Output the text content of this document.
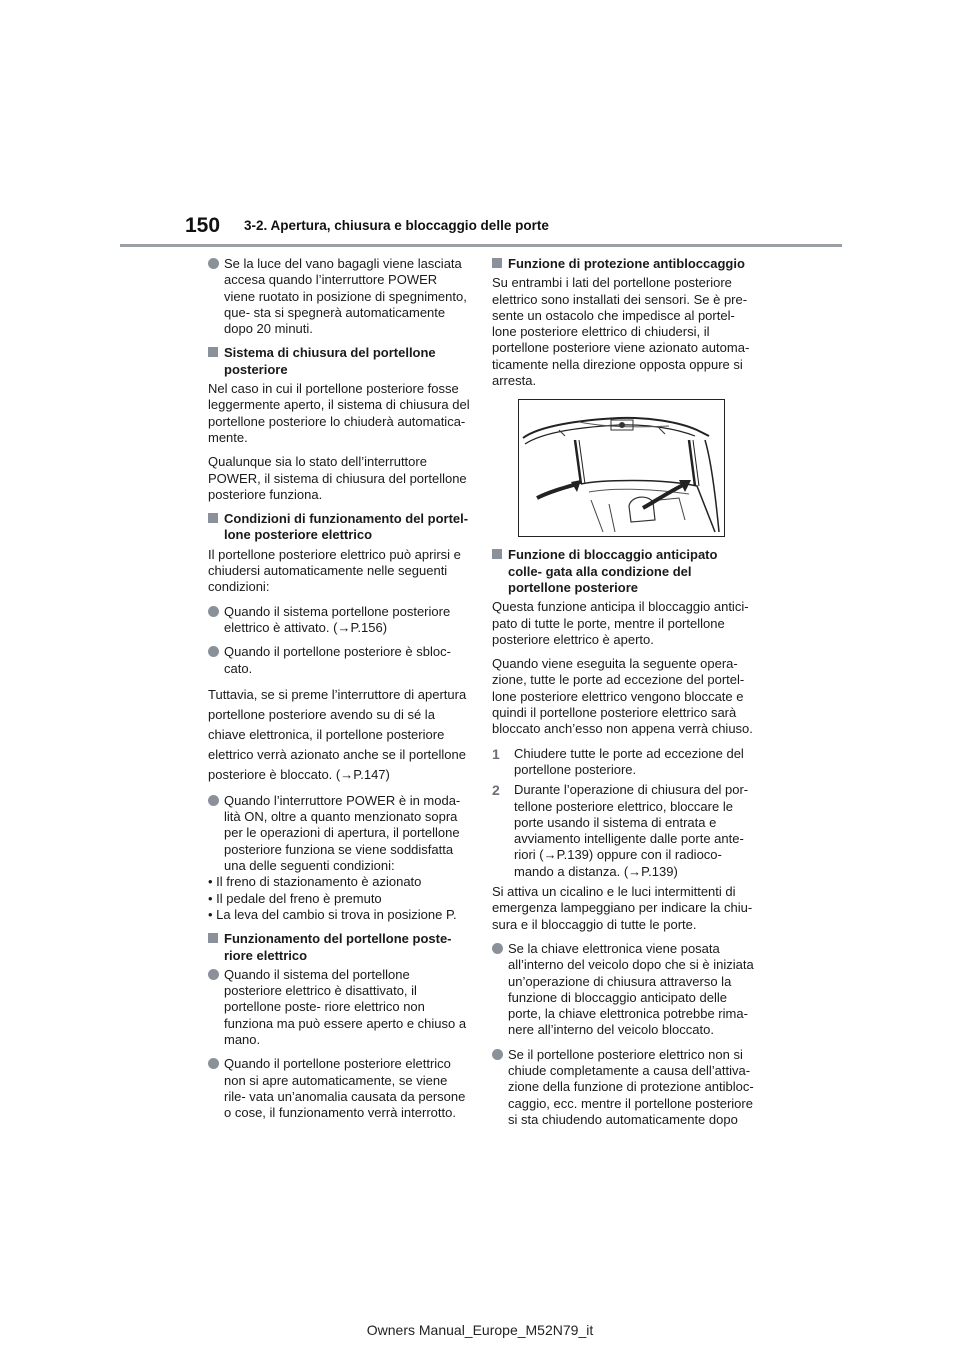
150 3-2. Apertura, chiusura e bloccaggio delle porte
Se la luce del vano bagagli viene lasciata accesa quando l’interruttore POWER viene ruotato in posizione di spegnimento, que- sta si spegnerà automaticamente dopo 20 minuti.
Sistema di chiusura del portellone posteriore
Nel caso in cui il portellone posteriore fosse leggermente aperto, il sistema di chiusura del portellone posteriore lo chiuderà automatica- mente.
Qualunque sia lo stato dell’interruttore POWER, il sistema di chiusura del portellone posteriore funziona.
Condizioni di funzionamento del portel- lone posteriore elettrico
Il portellone posteriore elettrico può aprirsi e chiudersi automaticamente nelle seguenti condizioni:
Quando il sistema portellone posteriore elettrico è attivato. (→P.156)
Quando il portellone posteriore è sbloc- cato.
Tuttavia, se si preme l’interruttore di apertura portellone posteriore avendo su di sé la chiave elettronica, il portellone posteriore elettrico verrà azionato anche se il portellone posteriore è bloccato. (→P.147)
Quando l’interruttore POWER è in moda- lità ON, oltre a quanto menzionato sopra per le operazioni di apertura, il portellone posteriore funziona se viene soddisfatta una delle seguenti condizioni:
• Il freno di stazionamento è azionato
• Il pedale del freno è premuto
• La leva del cambio si trova in posizione P.
Funzionamento del portellone poste- riore elettrico
Quando il sistema del portellone posteriore elettrico è disattivato, il portellone poste- riore elettrico non funziona ma può essere aperto e chiuso a mano.
Quando il portellone posteriore elettrico non si apre automaticamente, se viene rile- vata un’anomalia causata da persone o cose, il funzionamento verrà interrotto.
Funzione di protezione antibloccaggio
Su entrambi i lati del portellone posteriore elettrico sono installati dei sensori. Se è pre- sente un ostacolo che impedisce al portel- lone posteriore elettrico di chiudersi, il portellone posteriore viene azionato automa- ticamente nella direzione opposta oppure si arresta.
Funzione di bloccaggio anticipato colle- gata alla condizione del portellone posteriore
Questa funzione anticipa il bloccaggio antici- pato di tutte le porte, mentre il portellone posteriore elettrico è aperto.
Quando viene eseguita la seguente opera- zione, tutte le porte ad eccezione del portel- lone posteriore elettrico vengono bloccate e quindi il portellone posteriore elettrico sarà bloccato anch’esso non appena verrà chiuso.
1 Chiudere tutte le porte ad eccezione del portellone posteriore.
2 Durante l’operazione di chiusura del por- tellone posteriore elettrico, bloccare le porte usando il sistema di entrata e avviamento intelligente dalle porte ante- riori (→P.139) oppure con il radioco- mando a distanza. (→P.139)
Si attiva un cicalino e le luci intermittenti di emergenza lampeggiano per indicare la chiu- sura e il bloccaggio di tutte le porte.
Se la chiave elettronica viene posata all’interno del veicolo dopo che si è iniziata un’operazione di chiusura attraverso la funzione di bloccaggio anticipato delle porte, la chiave elettronica potrebbe rima- nere all’interno del veicolo bloccato.
Se il portellone posteriore elettrico non si chiude completamente a causa dell’attiva- zione della funzione di protezione antibloc- caggio, ecc. mentre il portellone posteriore si sta chiudendo automaticamente dopo
Owners Manual_Europe_M52N79_it
